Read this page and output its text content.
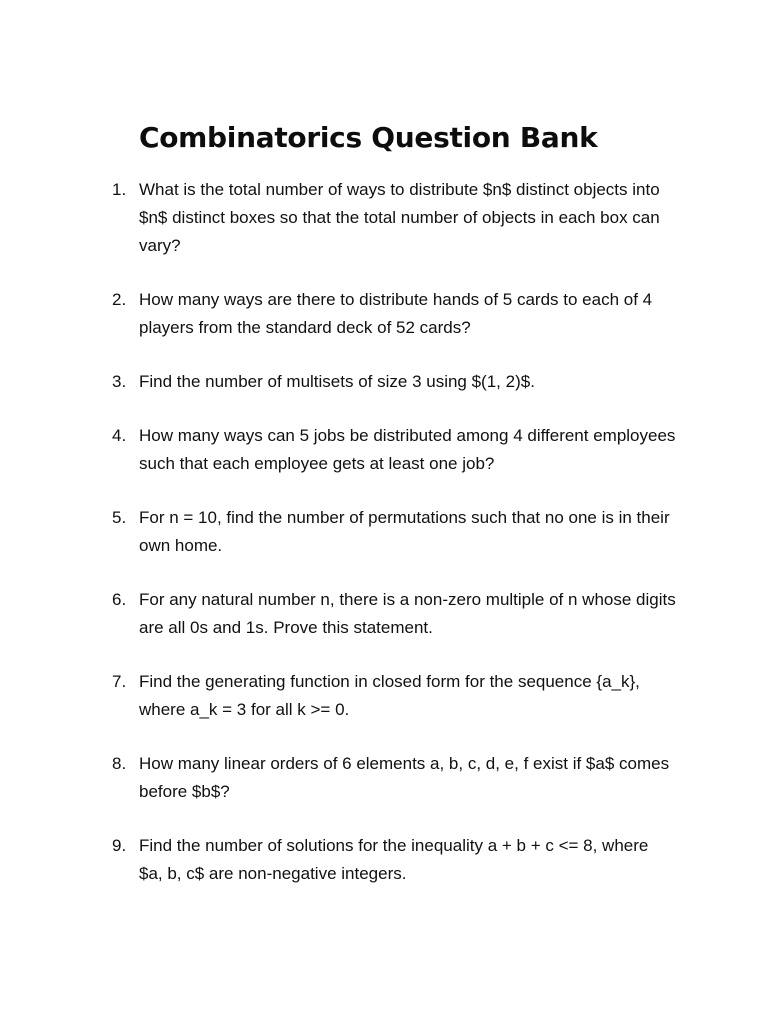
Combinatorics Question Bank
1. What is the total number of ways to distribute $n$ distinct objects into $n$ distinct boxes so that the total number of objects in each box can vary?
2. How many ways are there to distribute hands of 5 cards to each of 4 players from the standard deck of 52 cards?
3. Find the number of multisets of size 3 using $(1, 2)$.
4. How many ways can 5 jobs be distributed among 4 different employees such that each employee gets at least one job?
5. For n = 10, find the number of permutations such that no one is in their own home.
6. For any natural number n, there is a non-zero multiple of n whose digits are all 0s and 1s. Prove this statement.
7. Find the generating function in closed form for the sequence {a_k}, where a_k = 3 for all k >= 0.
8. How many linear orders of 6 elements a, b, c, d, e, f exist if $a$ comes before $b$?
9. Find the number of solutions for the inequality a + b + c <= 8, where $a, b, c$ are non-negative integers.
